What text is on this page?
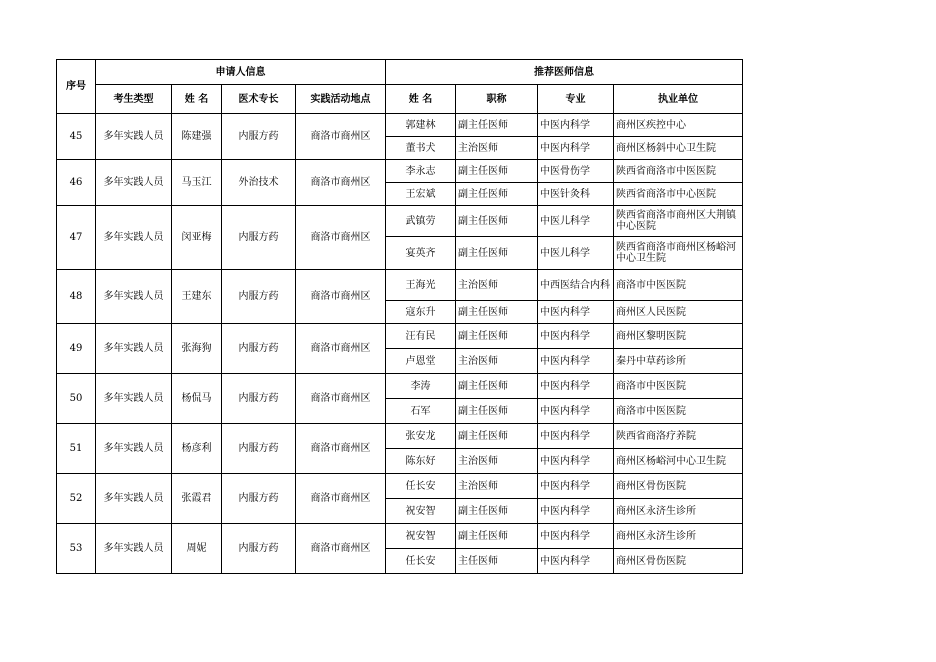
序号	申请人信息				推荐医师信息			
	考生类型	姓 名	医术专长	实践活动地点	姓 名	职称	专业	执业单位
45	多年实践人员	陈建强	内服方药	商洛市商州区	郭建林	副主任医师	中医内科学	商州区疾控中心
					董书犬	主治医师	中医内科学	商州区杨斜中心卫生院
46	多年实践人员	马玉江	外治技术	商洛市商州区	李永志	副主任医师	中医骨伤学	陕西省商洛市中医医院
					王宏斌	副主任医师	中医针灸科	陕西省商洛市中心医院
47	多年实践人员	闵亚梅	内服方药	商洛市商州区	武镇劳	副主任医师	中医儿科学	陕西省商洛市商州区大荆镇中心医院
					宴英齐	副主任医师	中医儿科学	陕西省商洛市商州区杨峪河中心卫生院
48	多年实践人员	王建东	内服方药	商洛市商州区	王海光	主治医师	中西医结合内科	商洛市中医医院
					寇东升	副主任医师	中医内科学	商州区人民医院
49	多年实践人员	张海狗	内服方药	商洛市商州区	汪有民	副主任医师	中医内科学	商州区黎明医院
					卢恩堂	主治医师	中医内科学	秦丹中草药诊所
50	多年实践人员	杨侃马	内服方药	商洛市商州区	李涛	副主任医师	中医内科学	商洛市中医医院
					石军	副主任医师	中医内科学	商洛市中医医院
51	多年实践人员	杨彦利	内服方药	商洛市商州区	张安龙	副主任医师	中医内科学	陕西省商洛疗养院
					陈东好	主治医师	中医内科学	商州区杨峪河中心卫生院
52	多年实践人员	张霞君	内服方药	商洛市商州区	任长安	主治医师	中医内科学	商州区骨伤医院
					祝安智	副主任医师	中医内科学	商州区永济生诊所
53	多年实践人员	周妮	内服方药	商洛市商州区	祝安智	副主任医师	中医内科学	商州区永济生诊所
					任长安	主任医师	中医内科学	商州区骨伤医院
